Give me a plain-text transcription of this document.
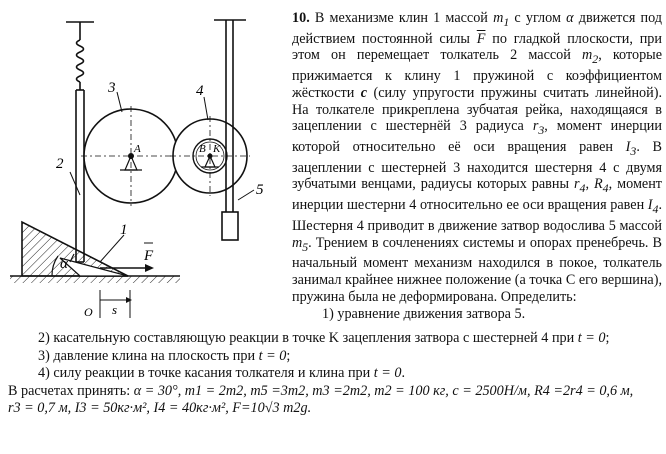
2
3	4
5
1
A	B K
α	F
O s

10. В механизме клин 1 массой $m_1$ с углом α движется под действием постоянной силы $\overline{F}$ по гладкой плоскости, при этом он перемещает толкатель 2 массой $m_2$, которые прижимается к клину 1 пружиной с коэффициентом жёсткости c (силу упругости пружины считать линейной). На толкателе прикреплена зубчатая рейка, находящаяся в зацеплении с шестернёй 3 радиуса $r_3$, момент инерции которой относительно её оси вращения равен $I_3$. В зацеплении с шестерней 3 находится шестерня 4 с двумя зубчатыми венцами, радиусы которых равны $r_4$, $R_4$, момент инерции шестерни 4 относительно ее оси вращения равен $I_4$. Шестерня 4 приводит в движение затвор водослива 5 массой $m_5$. Трением в сочленениях системы и опорах пренебречь. В начальный момент механизм находился в покое, толкатель занимал крайнее нижнее положение (а точка C его вершина), пружина была не деформирована. Определить:
1) уравнение движения затвора 5.

2) касательную составляющую реакции в точке K зацепления затвора с шестерней 4 при t = 0;
3) давление клина на плоскость при t = 0;
4) силу реакции в точке касания толкателя и клина при t = 0.
В расчетах принять: α = 30°, m1 = 2m2, m5 =3m2, m3 =2m2, m2 = 100 кг, c = 2500Н/м, R4 =2r4 = 0,6 м,
r3 = 0,7 м, I3 = 50кг·м², I4 = 40кг·м², F=10√3 m2g.
